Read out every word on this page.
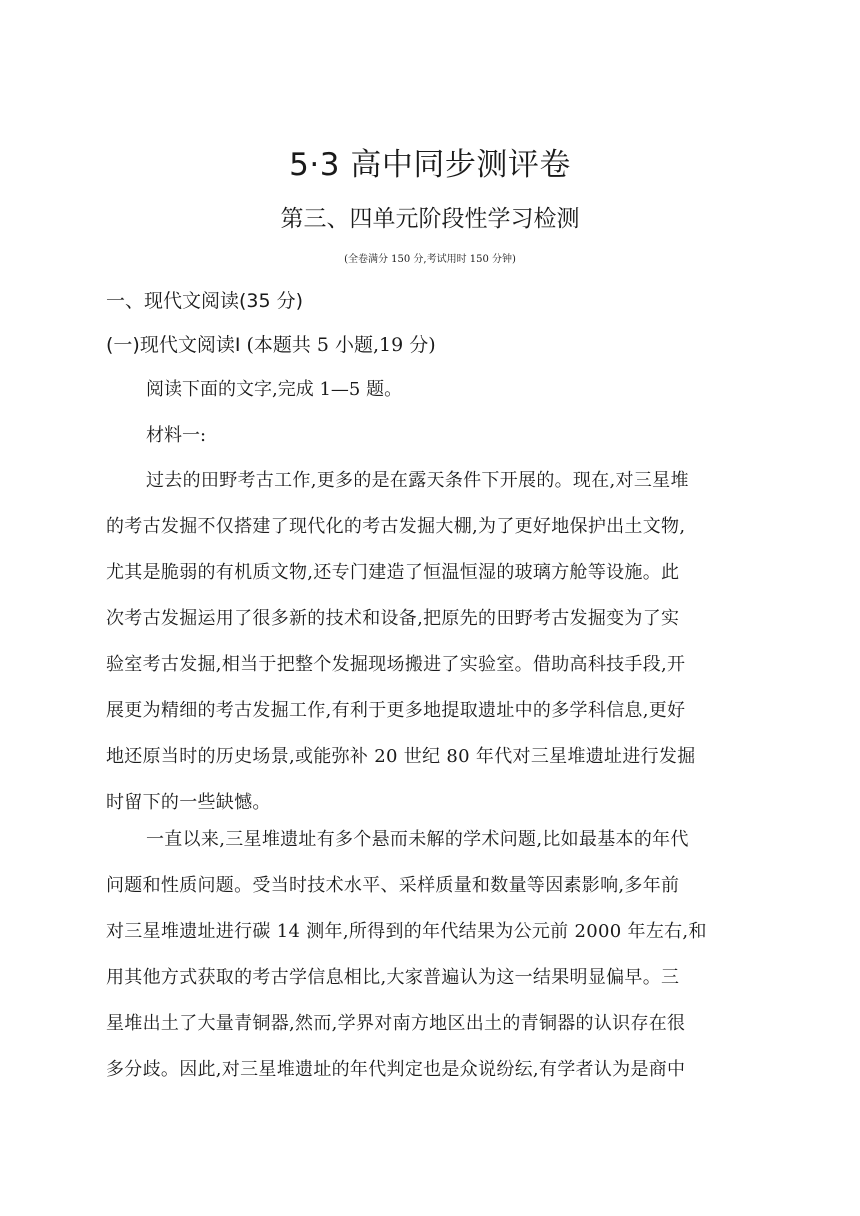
5·3 高中同步测评卷
第三、四单元阶段性学习检测
(全卷满分 150 分,考试用时 150 分钟)
一、现代文阅读(35 分)
(一)现代文阅读Ⅰ (本题共 5 小题,19 分)
阅读下面的文字,完成 1—5 题。
材料一:
过去的田野考古工作,更多的是在露天条件下开展的。现在,对三星堆
的考古发掘不仅搭建了现代化的考古发掘大棚,为了更好地保护出土文物,
尤其是脆弱的有机质文物,还专门建造了恒温恒湿的玻璃方舱等设施。此
次考古发掘运用了很多新的技术和设备,把原先的田野考古发掘变为了实
验室考古发掘,相当于把整个发掘现场搬进了实验室。借助高科技手段,开
展更为精细的考古发掘工作,有利于更多地提取遗址中的多学科信息,更好
地还原当时的历史场景,或能弥补 20 世纪 80 年代对三星堆遗址进行发掘
时留下的一些缺憾。
一直以来,三星堆遗址有多个悬而未解的学术问题,比如最基本的年代
问题和性质问题。受当时技术水平、采样质量和数量等因素影响,多年前
对三星堆遗址进行碳 14 测年,所得到的年代结果为公元前 2000 年左右,和
用其他方式获取的考古学信息相比,大家普遍认为这一结果明显偏早。三
星堆出土了大量青铜器,然而,学界对南方地区出土的青铜器的认识存在很
多分歧。因此,对三星堆遗址的年代判定也是众说纷纭,有学者认为是商中
